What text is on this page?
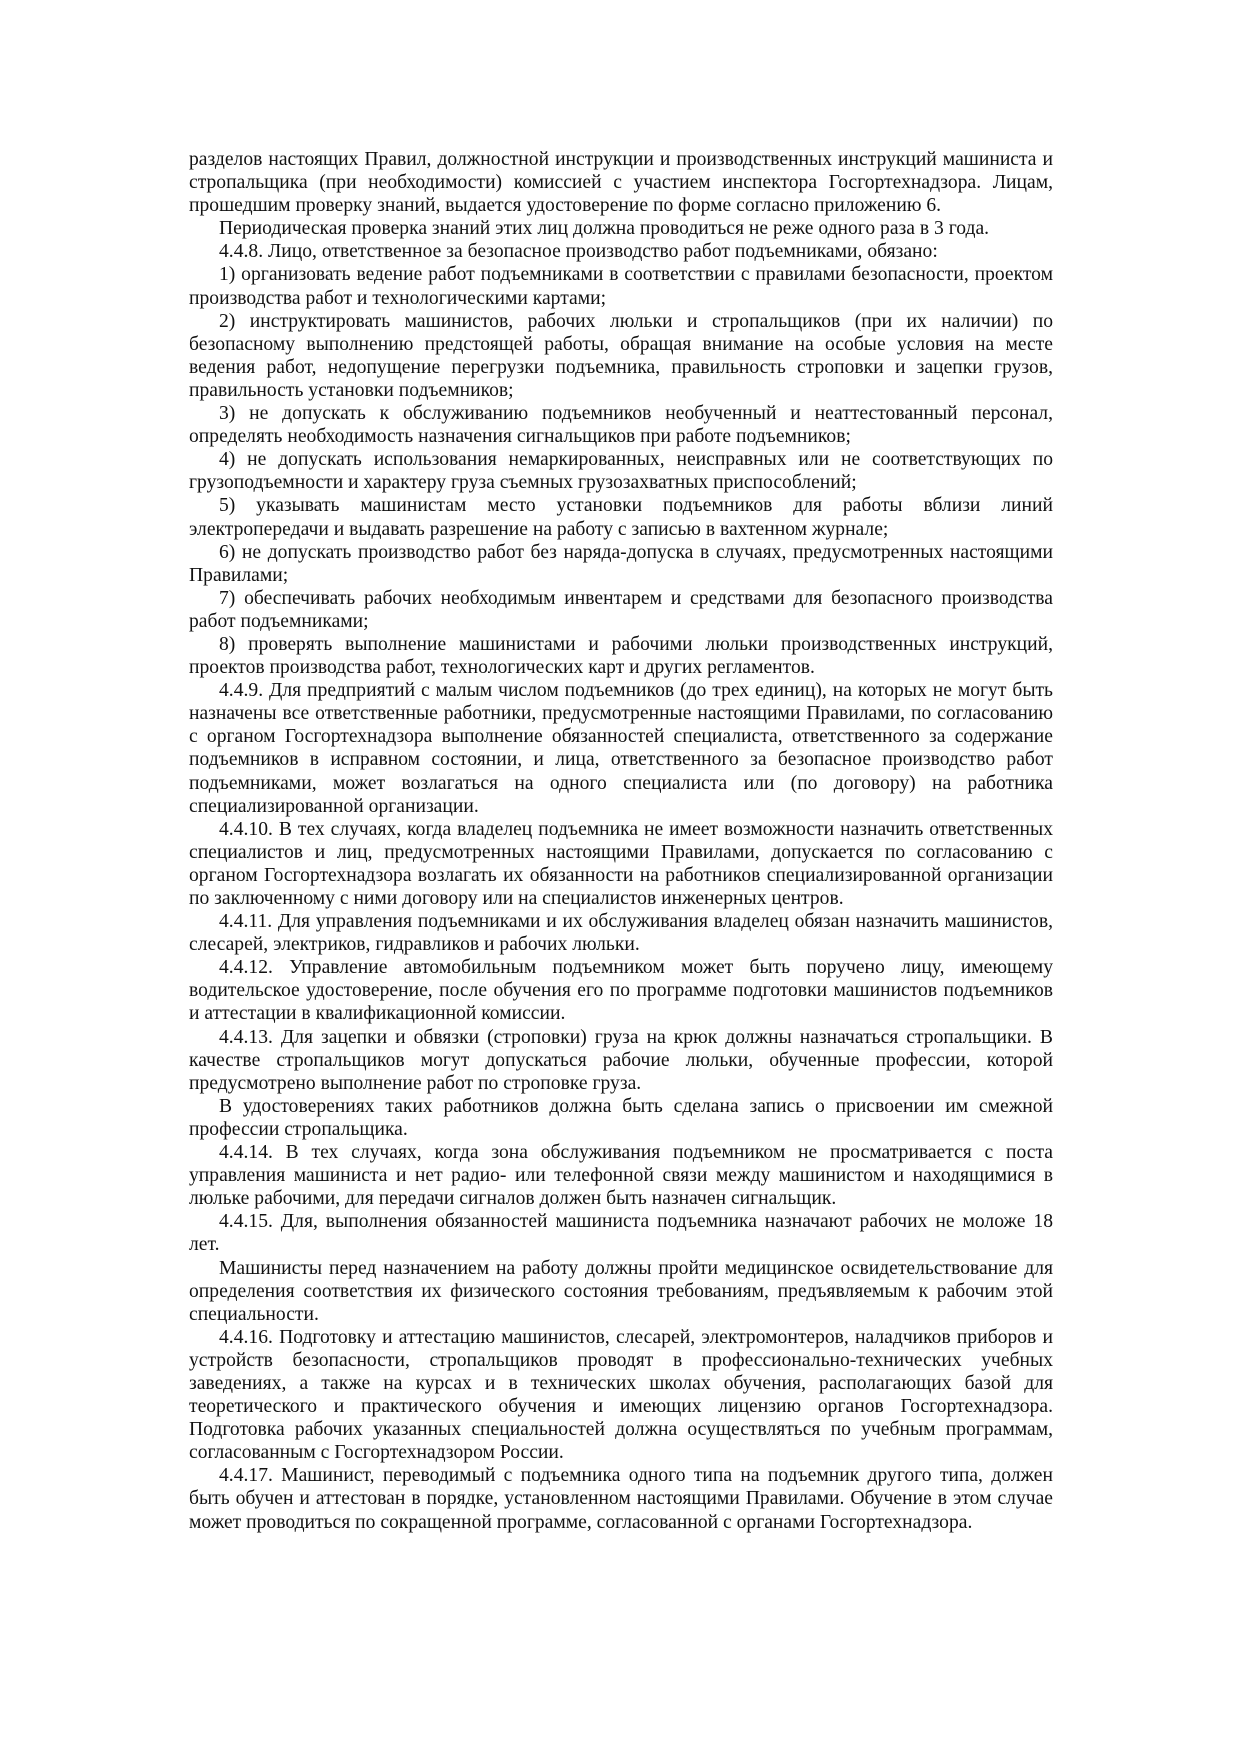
разделов настоящих Правил, должностной инструкции и производственных инструкций машиниста и стропальщика (при необходимости) комиссией с участием инспектора Госгортехнадзора. Лицам, прошедшим проверку знаний, выдается удостоверение по форме согласно приложению 6.

Периодическая проверка знаний этих лиц должна проводиться не реже одного раза в 3 года.

4.4.8. Лицо, ответственное за безопасное производство работ подъемниками, обязано:

1) организовать ведение работ подъемниками в соответствии с правилами безопасности, проектом производства работ и технологическими картами;

2) инструктировать машинистов, рабочих люльки и стропальщиков (при их наличии) по безопасному выполнению предстоящей работы, обращая внимание на особые условия на месте ведения работ, недопущение перегрузки подъемника, правильность строповки и зацепки грузов, правильность установки подъемников;

3) не допускать к обслуживанию подъемников необученный и неаттестованный персонал, определять необходимость назначения сигнальщиков при работе подъемников;

4) не допускать использования немаркированных, неисправных или не соответствующих по грузоподъемности и характеру груза съемных грузозахватных приспособлений;

5) указывать машинистам место установки подъемников для работы вблизи линий электропередачи и выдавать разрешение на работу с записью в вахтенном журнале;

6) не допускать производство работ без наряда-допуска в случаях, предусмотренных настоящими Правилами;

7) обеспечивать рабочих необходимым инвентарем и средствами для безопасного производства работ подъемниками;

8) проверять выполнение машинистами и рабочими люльки производственных инструкций, проектов производства работ, технологических карт и других регламентов.

4.4.9. Для предприятий с малым числом подъемников (до трех единиц), на которых не могут быть назначены все ответственные работники, предусмотренные настоящими Правилами, по согласованию с органом Госгортехнадзора выполнение обязанностей специалиста, ответственного за содержание подъемников в исправном состоянии, и лица, ответственного за безопасное производство работ подъемниками, может возлагаться на одного специалиста или (по договору) на работника специализированной организации.

4.4.10. В тех случаях, когда владелец подъемника не имеет возможности назначить ответственных специалистов и лиц, предусмотренных настоящими Правилами, допускается по согласованию с органом Госгортехнадзора возлагать их обязанности на работников специализированной организации по заключенному с ними договору или на специалистов инженерных центров.

4.4.11. Для управления подъемниками и их обслуживания владелец обязан назначить машинистов, слесарей, электриков, гидравликов и рабочих люльки.

4.4.12. Управление автомобильным подъемником может быть поручено лицу, имеющему водительское удостоверение, после обучения его по программе подготовки машинистов подъемников и аттестации в квалификационной комиссии.

4.4.13. Для зацепки и обвязки (строповки) груза на крюк должны назначаться стропальщики. В качестве стропальщиков могут допускаться рабочие люльки, обученные профессии, которой предусмотрено выполнение работ по строповке груза.

В удостоверениях таких работников должна быть сделана запись о присвоении им смежной профессии стропальщика.

4.4.14. В тех случаях, когда зона обслуживания подъемником не просматривается с поста управления машиниста и нет радио- или телефонной связи между машинистом и находящимися в люльке рабочими, для передачи сигналов должен быть назначен сигнальщик.

4.4.15. Для, выполнения обязанностей машиниста подъемника назначают рабочих не моложе 18 лет.

Машинисты перед назначением на работу должны пройти медицинское освидетельствование для определения соответствия их физического состояния требованиям, предъявляемым к рабочим этой специальности.

4.4.16. Подготовку и аттестацию машинистов, слесарей, электромонтеров, наладчиков приборов и устройств безопасности, стропальщиков проводят в профессионально-технических учебных заведениях, а также на курсах и в технических школах обучения, располагающих базой для теоретического и практического обучения и имеющих лицензию органов Госгортехнадзора. Подготовка рабочих указанных специальностей должна осуществляться по учебным программам, согласованным с Госгортехнадзором России.

4.4.17. Машинист, переводимый с подъемника одного типа на подъемник другого типа, должен быть обучен и аттестован в порядке, установленном настоящими Правилами. Обучение в этом случае может проводиться по сокращенной программе, согласованной с органами Госгортехнадзора.
